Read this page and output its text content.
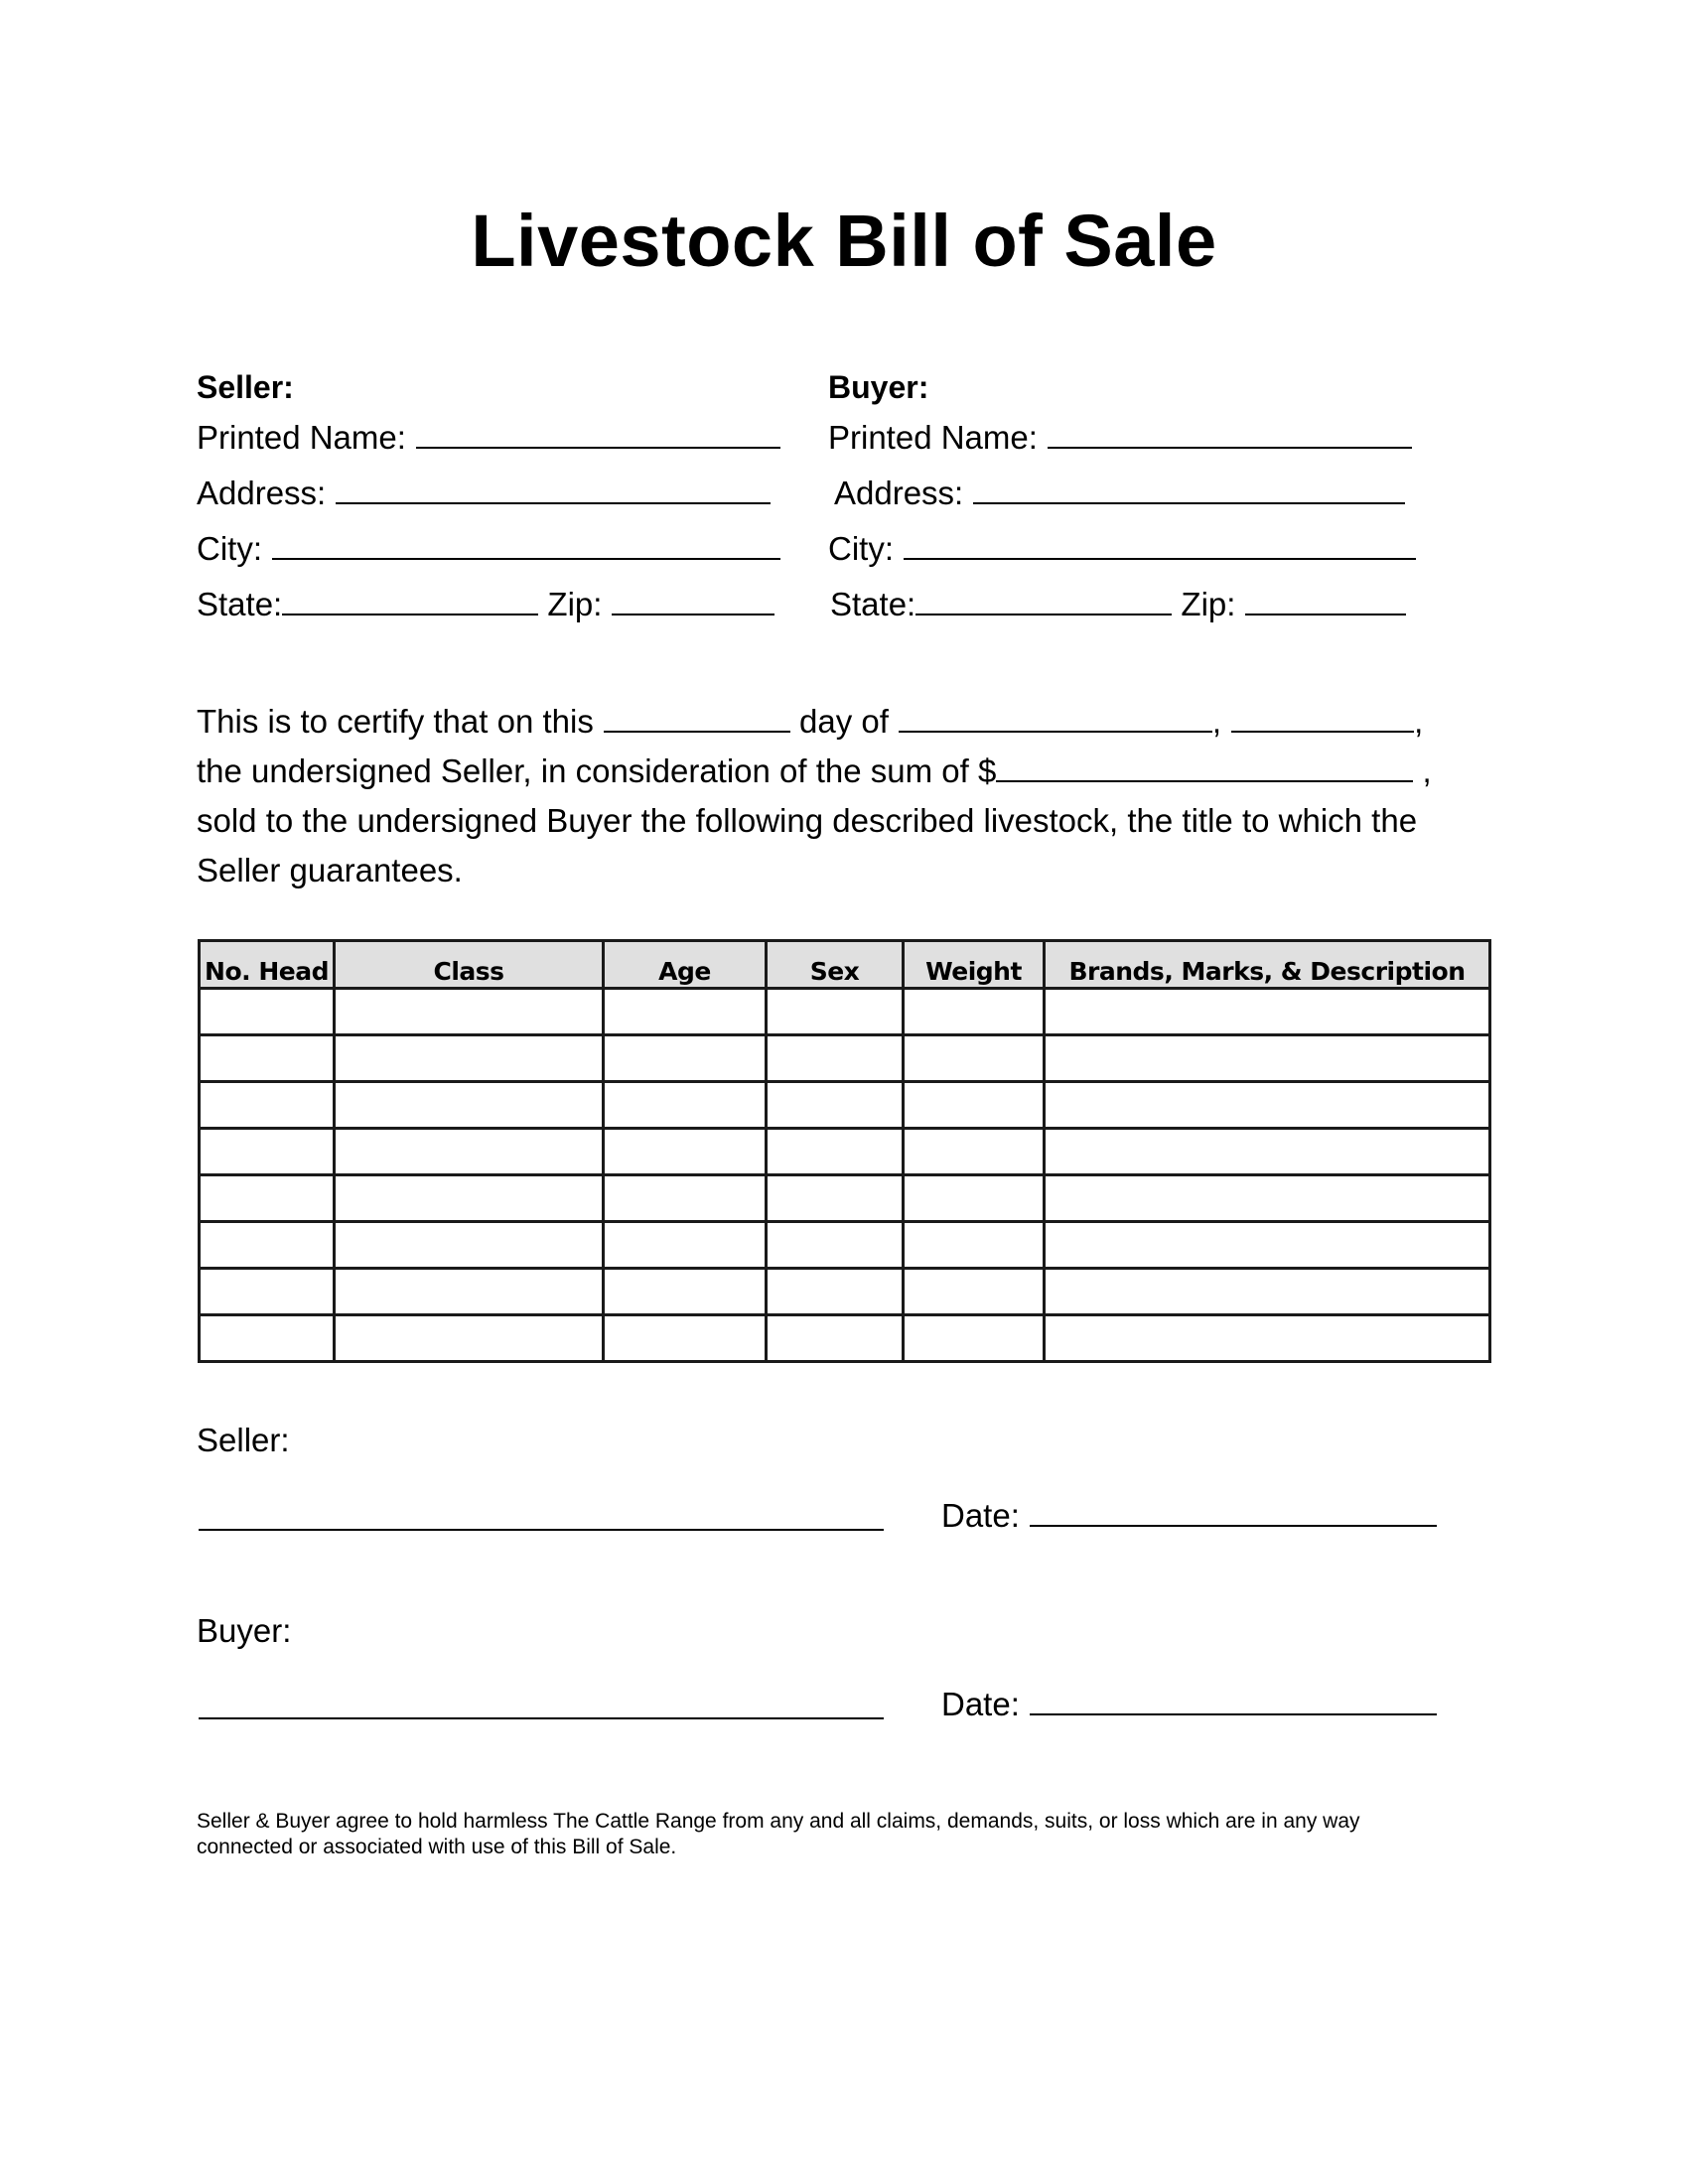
Livestock Bill of Sale
Seller:
Printed Name:
Address:
City:
State:	Zip:
Buyer:
Printed Name:
Address:
City:
State:	Zip:
This is to certify that on this	day of	,	,
the undersigned Seller, in consideration of the sum of $	,
sold to the undersigned Buyer the following described livestock, the title to which the
Seller guarantees.
No. Head	Class	Age	Sex	Weight	Brands, Marks, & Description

Seller:
Date:
Buyer:
Date:
Seller & Buyer agree to hold harmless The Cattle Range from any and all claims, demands, suits, or loss which are in any way
connected or associated with use of this Bill of Sale.
